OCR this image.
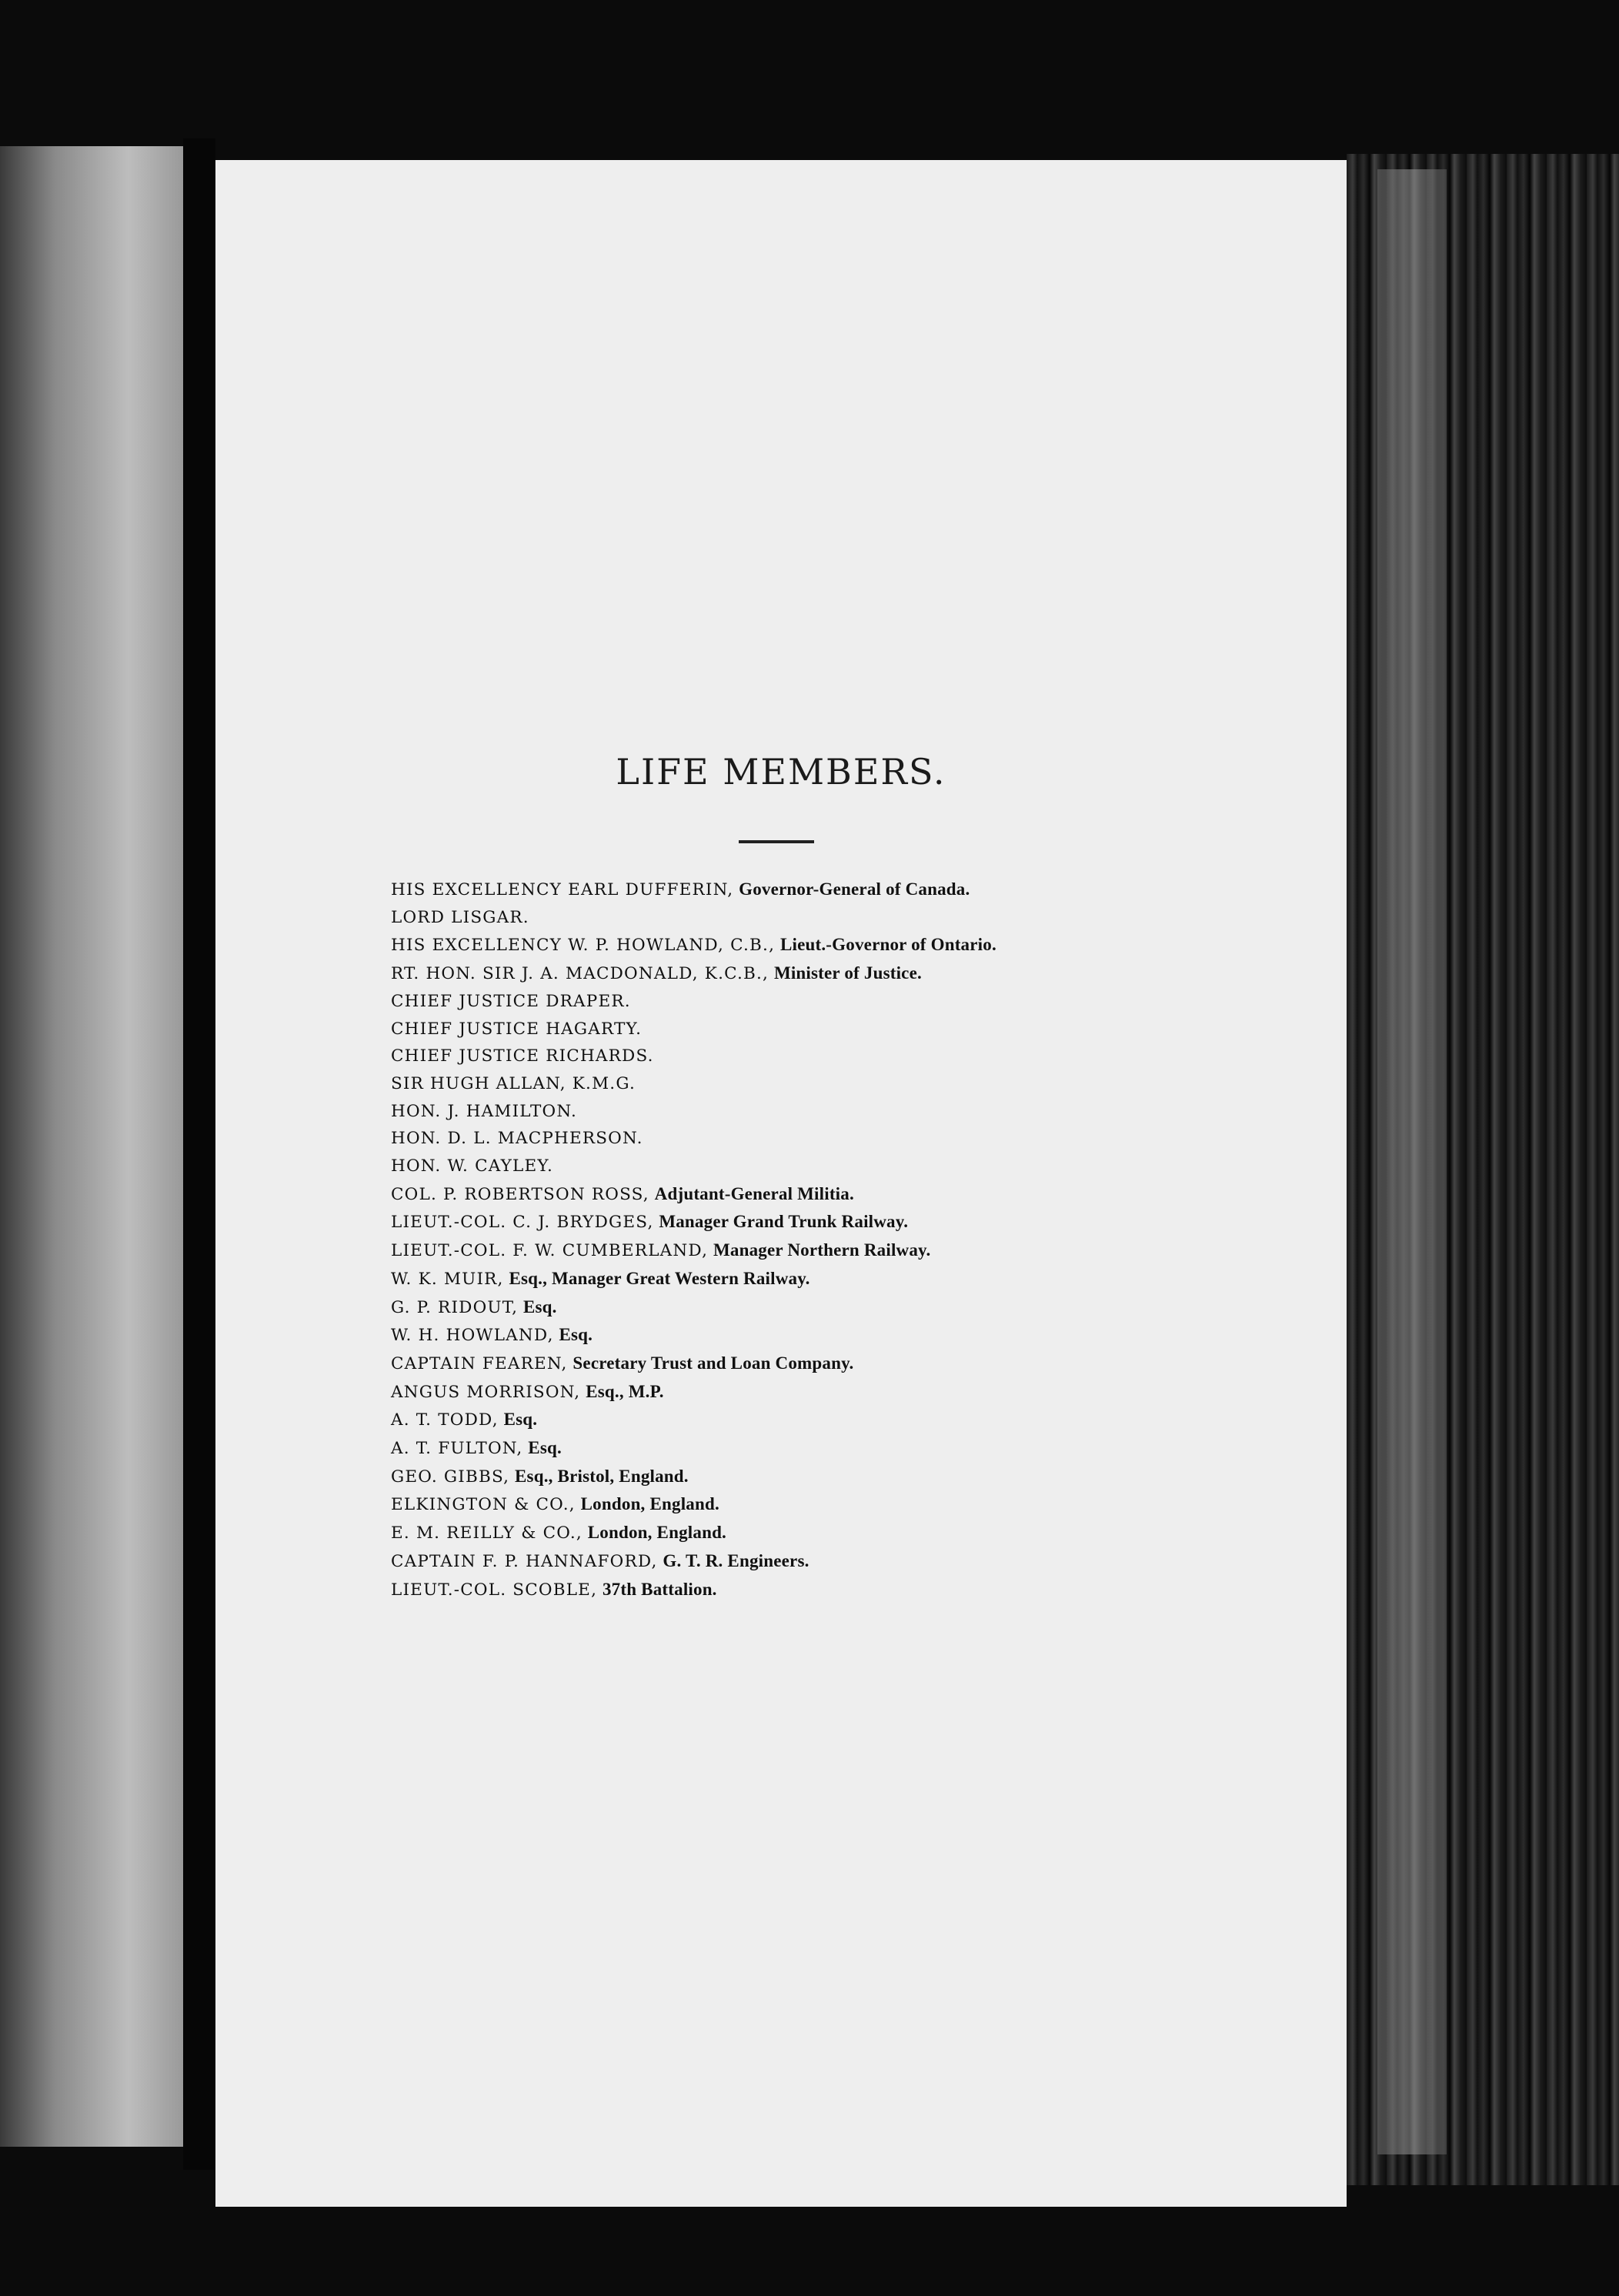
LIFE MEMBERS.
HIS EXCELLENCY EARL DUFFERIN, Governor-General of Canada.
LORD LISGAR.
HIS EXCELLENCY W. P. HOWLAND, C.B., Lieut.-Governor of Ontario.
RT. HON. SIR J. A. MACDONALD, K.C.B., Minister of Justice.
CHIEF JUSTICE DRAPER.
CHIEF JUSTICE HAGARTY.
CHIEF JUSTICE RICHARDS.
SIR HUGH ALLAN, K.M.G.
HON. J. HAMILTON.
HON. D. L. MACPHERSON.
HON. W. CAYLEY.
COL. P. ROBERTSON ROSS, Adjutant-General Militia.
LIEUT.-COL. C. J. BRYDGES, Manager Grand Trunk Railway.
LIEUT.-COL. F. W. CUMBERLAND, Manager Northern Railway.
W. K. MUIR, Esq., Manager Great Western Railway.
G. P. RIDOUT, Esq.
W. H. HOWLAND, Esq.
CAPTAIN FEAREN, Secretary Trust and Loan Company.
ANGUS MORRISON, Esq., M.P.
A. T. TODD, Esq.
A. T. FULTON, Esq.
GEO. GIBBS, Esq., Bristol, England.
ELKINGTON & CO., London, England.
E. M. REILLY & CO., London, England.
CAPTAIN F. P. HANNAFORD, G. T. R. Engineers.
LIEUT.-COL. SCOBLE, 37th Battalion.
